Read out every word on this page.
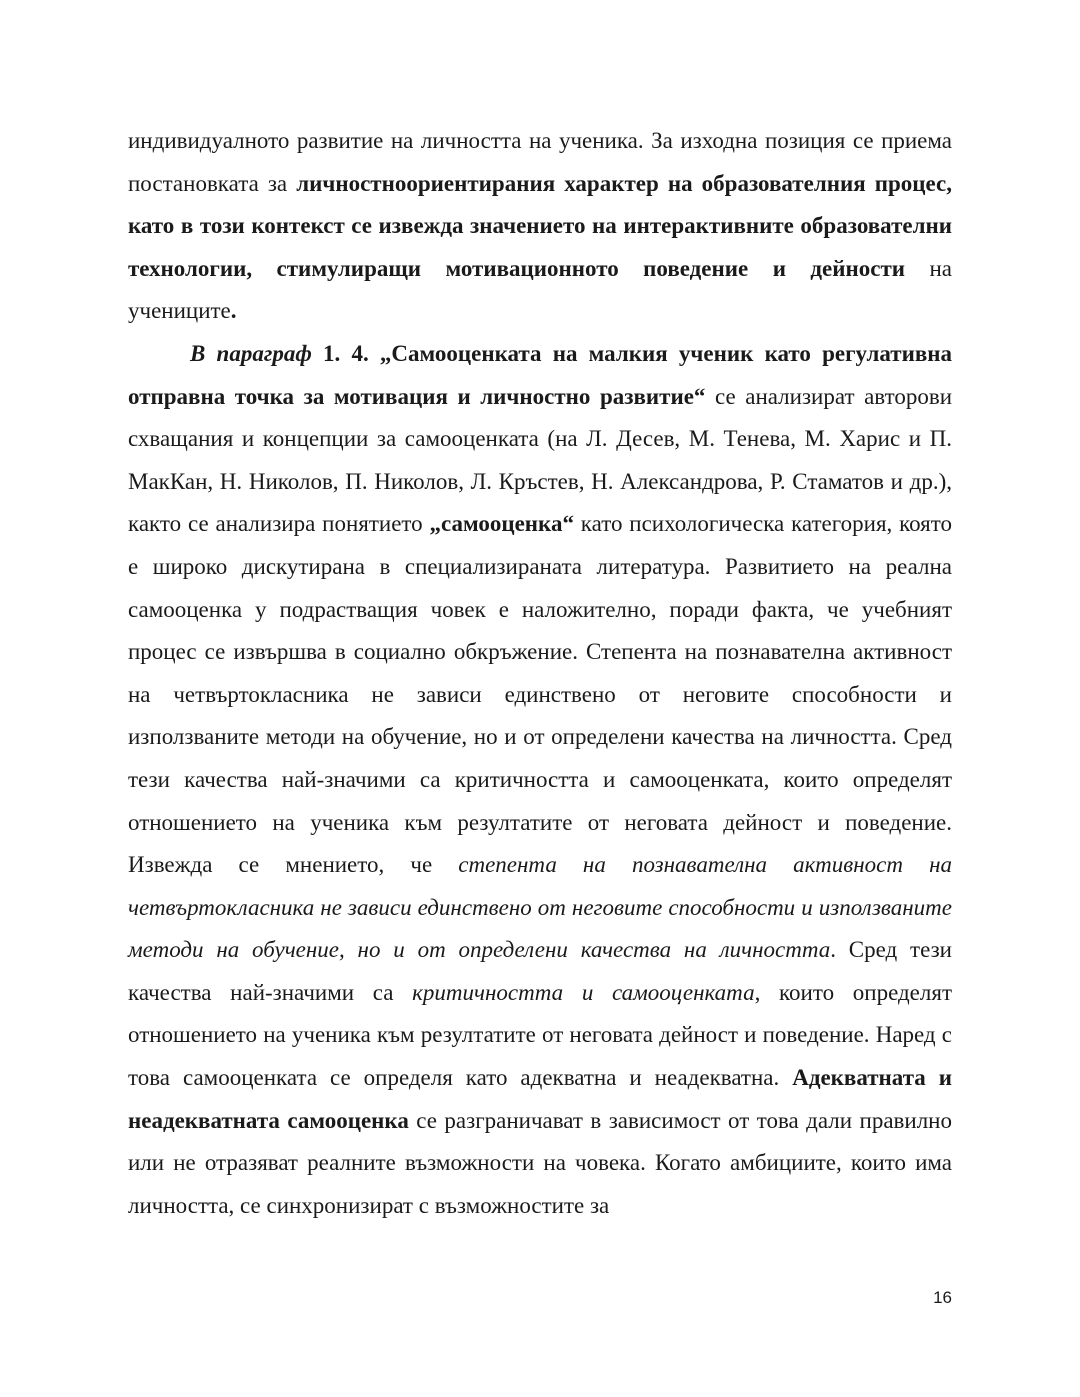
индивидуалното развитие на личността на ученика. За изходна позиция се приема постановката за личностноориентирания характер на образователния процес, като в този контекст се извежда значението на интерактивните образователни технологии, стимулиращи мотивационното поведение и дейности на учениците.

В параграф 1. 4. „Самооценката на малкия ученик като регулативна отправна точка за мотивация и личностно развитие“ се анализират авторови схващания и концепции за самооценката (на Л. Десев, М. Тенева, М. Харис и П. МакКан, Н. Николов, П. Николов, Л. Кръстев, Н. Александрова, Р. Стаматов и др.), както се анализира понятието „самооценка“ като психологическа категория, която е широко дискутирана в специализираната литература. Развитието на реална самооценка у подрастващия човек е наложително, поради факта, че учебният процес се извършва в социално обкръжение. Степента на познавателна активност на четвъртокласника не зависи единствено от неговите способности и използваните методи на обучение, но и от определени качества на личността. Сред тези качества най-значими са критичността и самооценката, които определят отношението на ученика към резултатите от неговата дейност и поведение. Извежда се мнението, че степента на познавателна активност на четвъртокласника не зависи единствено от неговите способности и използваните методи на обучение, но и от определени качества на личността. Сред тези качества най-значими са критичността и самооценката, които определят отношението на ученика към резултатите от неговата дейност и поведение. Наред с това самооценката се определя като адекватна и неадекватна. Адекватната и неадекватната самооценка се разграничават в зависимост от това дали правилно или не отразяват реалните възможности на човека. Когато амбициите, които има личността, се синхронизират с възможностите за

16
